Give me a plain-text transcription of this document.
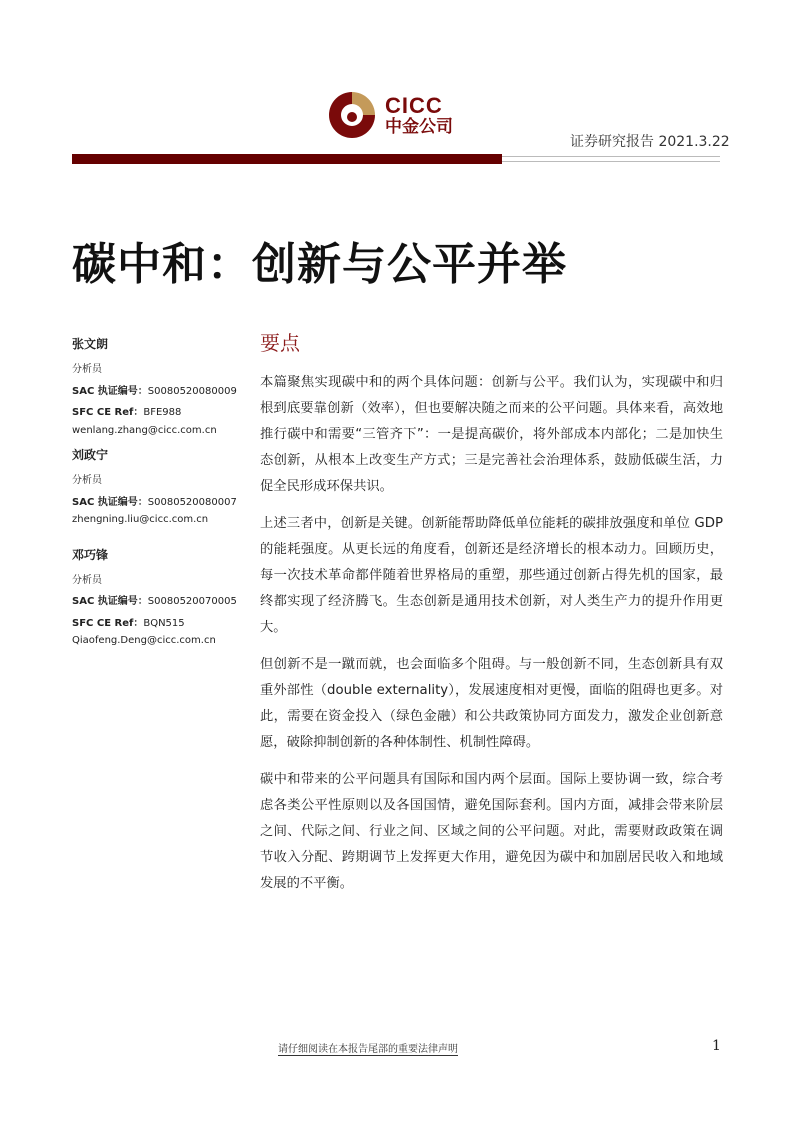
CICC
中金公司
证券研究报告 2021.3.22
碳中和：创新与公平并举
张文朗
分析员
SAC 执证编号：S0080520080009
SFC CE Ref：BFE988
wenlang.zhang@cicc.com.cn
刘政宁
分析员
SAC 执证编号：S0080520080007
zhengning.liu@cicc.com.cn
邓巧锋
分析员
SAC 执证编号：S0080520070005
SFC CE Ref：BQN515
Qiaofeng.Deng@cicc.com.cn
要点

本篇聚焦实现碳中和的两个具体问题：创新与公平。我们认为，实现碳中和归根到底要靠创新（效率），但也要解决随之而来的公平问题。具体来看，高效地推行碳中和需要“三管齐下”：一是提高碳价，将外部成本内部化；二是加快生态创新，从根本上改变生产方式；三是完善社会治理体系，鼓励低碳生活，力促全民形成环保共识。

上述三者中，创新是关键。创新能帮助降低单位能耗的碳排放强度和单位 GDP 的能耗强度。从更长远的角度看，创新还是经济增长的根本动力。回顾历史，每一次技术革命都伴随着世界格局的重塑，那些通过创新占得先机的国家，最终都实现了经济腾飞。生态创新是通用技术创新，对人类生产力的提升作用更大。

但创新不是一蹴而就，也会面临多个阻碍。与一般创新不同，生态创新具有双重外部性（double externality），发展速度相对更慢，面临的阻碍也更多。对此，需要在资金投入（绿色金融）和公共政策协同方面发力，激发企业创新意愿，破除抑制创新的各种体制性、机制性障碍。

碳中和带来的公平问题具有国际和国内两个层面。国际上要协调一致，综合考虑各类公平性原则以及各国国情，避免国际套利。国内方面，减排会带来阶层之间、代际之间、行业之间、区域之间的公平问题。对此，需要财政政策在调节收入分配、跨期调节上发挥更大作用，避免因为碳中和加剧居民收入和地域发展的不平衡。

请仔细阅读在本报告尾部的重要法律声明	1
